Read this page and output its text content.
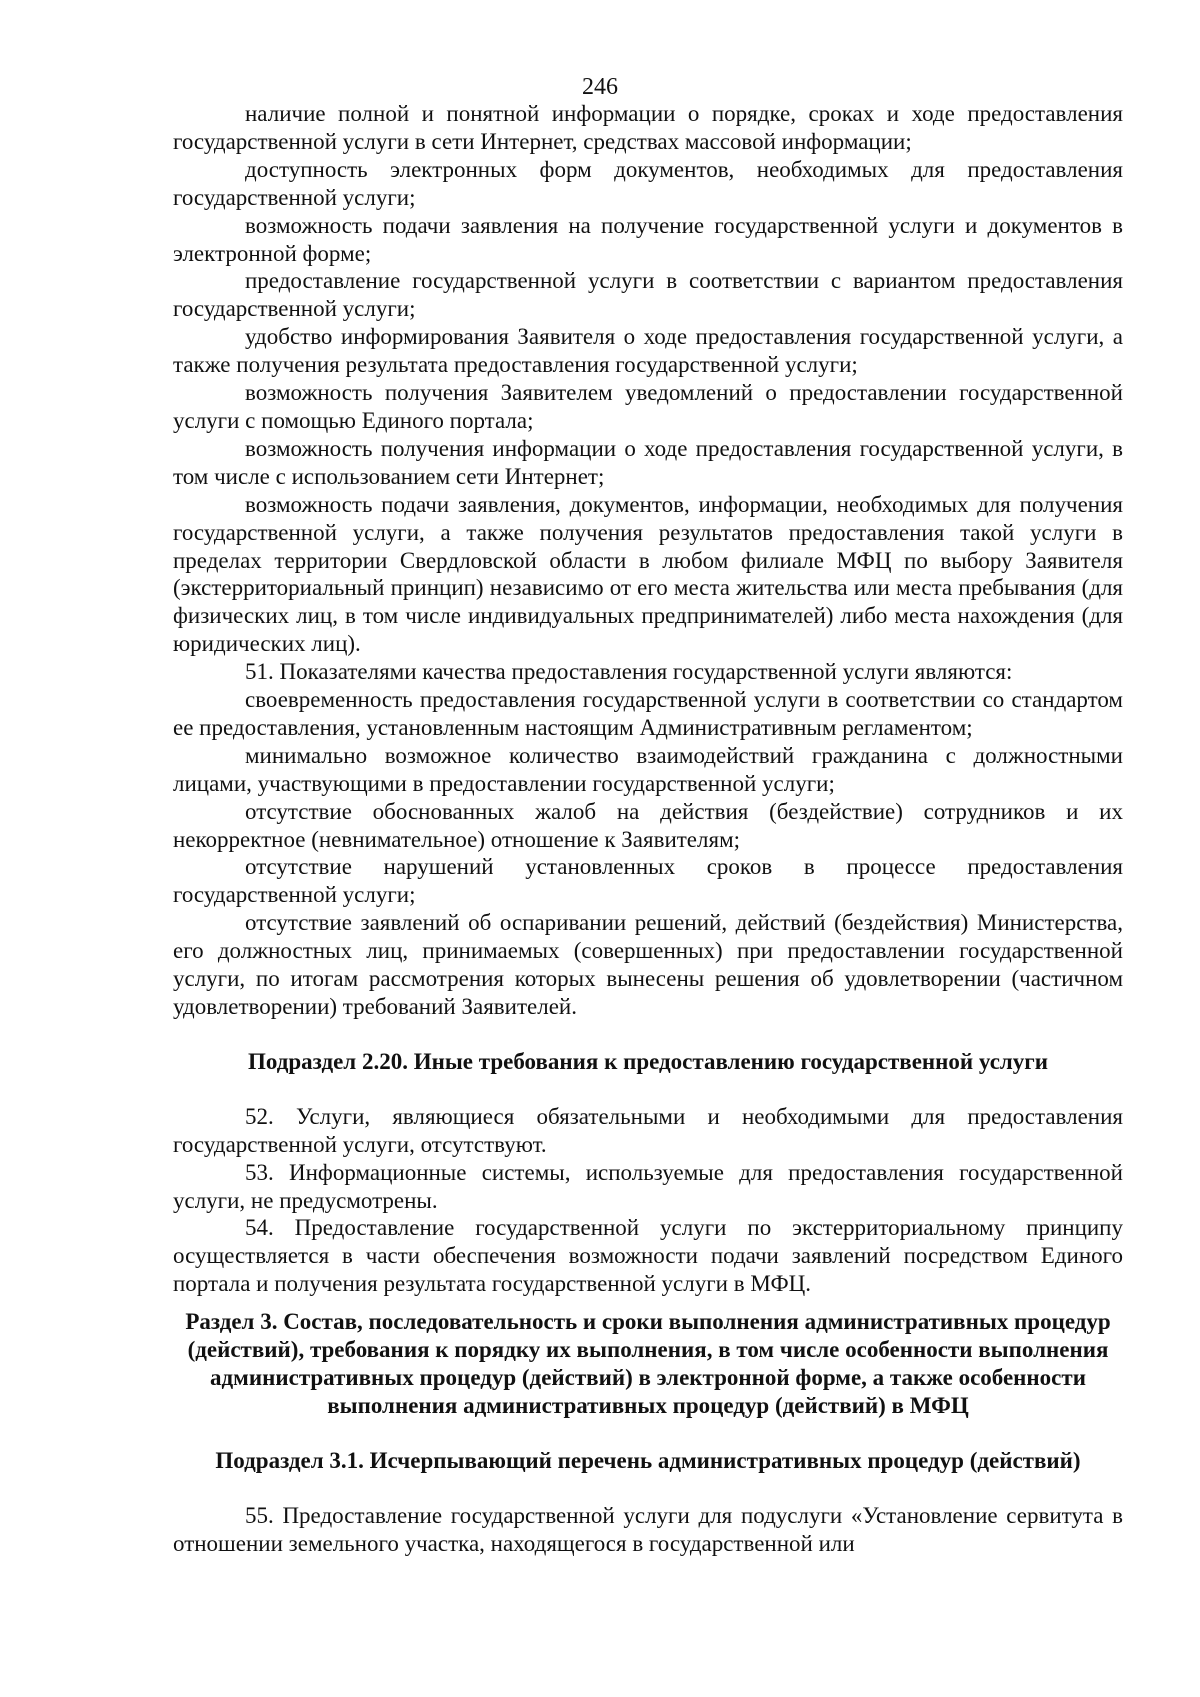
246

наличие полной и понятной информации о порядке, сроках и ходе предоставления государственной услуги в сети Интернет, средствах массовой информации;

доступность электронных форм документов, необходимых для предоставления государственной услуги;

возможность подачи заявления на получение государственной услуги и документов в электронной форме;

предоставление государственной услуги в соответствии с вариантом предоставления государственной услуги;

удобство информирования Заявителя о ходе предоставления государственной услуги, а также получения результата предоставления государственной услуги;

возможность получения Заявителем уведомлений о предоставлении государственной услуги с помощью Единого портала;

возможность получения информации о ходе предоставления государственной услуги, в том числе с использованием сети Интернет;

возможность подачи заявления, документов, информации, необходимых для получения государственной услуги, а также получения результатов предоставления такой услуги в пределах территории Свердловской области в любом филиале МФЦ по выбору Заявителя (экстерриториальный принцип) независимо от его места жительства или места пребывания (для физических лиц, в том числе индивидуальных предпринимателей) либо места нахождения (для юридических лиц).

51. Показателями качества предоставления государственной услуги являются:

своевременность предоставления государственной услуги в соответствии со стандартом ее предоставления, установленным настоящим Административным регламентом;

минимально возможное количество взаимодействий гражданина с должностными лицами, участвующими в предоставлении государственной услуги;

отсутствие обоснованных жалоб на действия (бездействие) сотрудников и их некорректное (невнимательное) отношение к Заявителям;

отсутствие нарушений установленных сроков в процессе предоставления государственной услуги;

отсутствие заявлений об оспаривании решений, действий (бездействия) Министерства, его должностных лиц, принимаемых (совершенных) при предоставлении государственной услуги, по итогам рассмотрения которых вынесены решения об удовлетворении (частичном удовлетворении) требований Заявителей.

Подраздел 2.20. Иные требования к предоставлению государственной услуги

52. Услуги, являющиеся обязательными и необходимыми для предоставления государственной услуги, отсутствуют.

53. Информационные системы, используемые для предоставления государственной услуги, не предусмотрены.

54. Предоставление государственной услуги по экстерриториальному принципу осуществляется в части обеспечения возможности подачи заявлений посредством Единого портала и получения результата государственной услуги в МФЦ.

Раздел 3. Состав, последовательность и сроки выполнения административных процедур (действий), требования к порядку их выполнения, в том числе особенности выполнения административных процедур (действий) в электронной форме, а также особенности выполнения административных процедур (действий) в МФЦ

Подраздел 3.1. Исчерпывающий перечень административных процедур (действий)

55. Предоставление государственной услуги для подуслуги «Установление сервитута в отношении земельного участка, находящегося в государственной или
